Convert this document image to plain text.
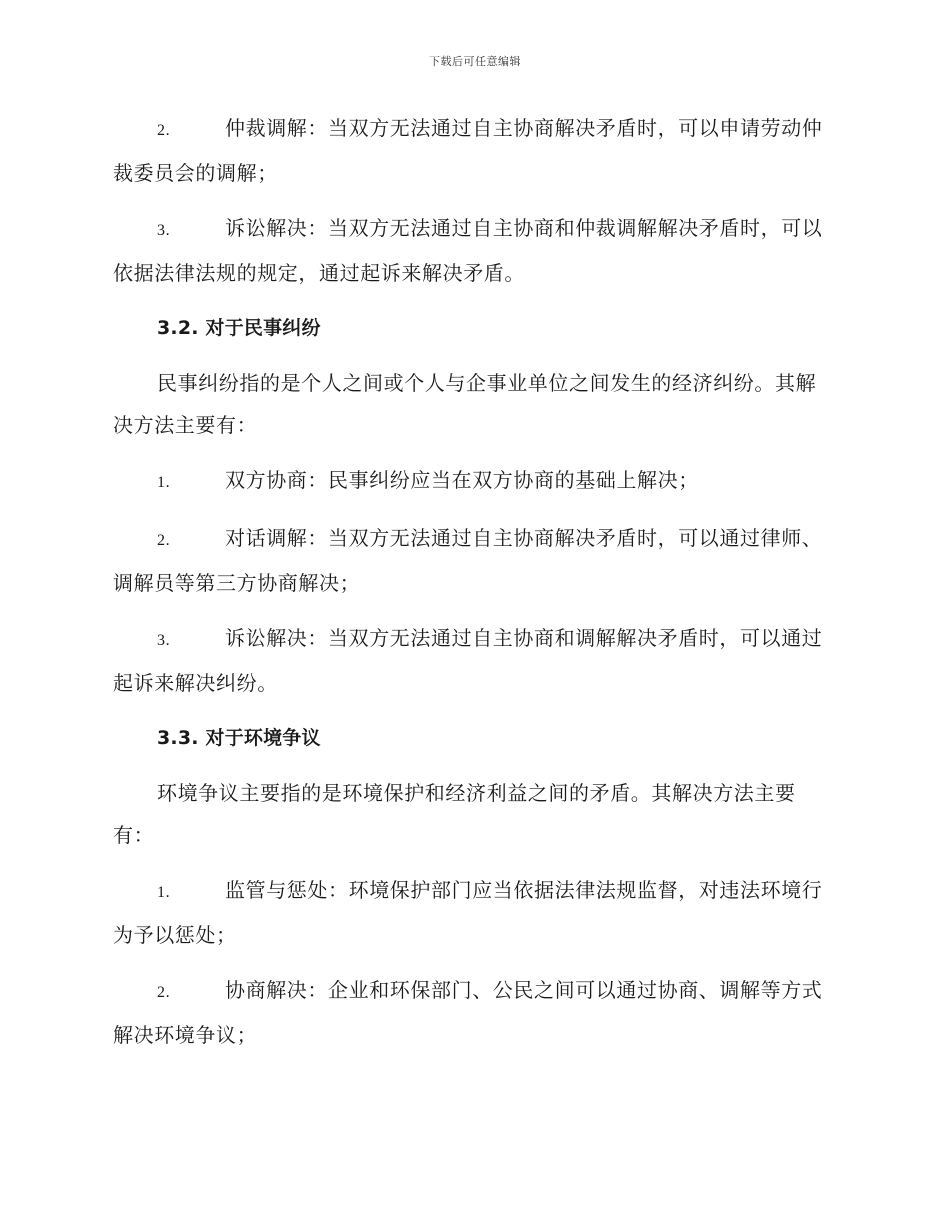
下载后可任意编辑

2.	仲裁调解：当双方无法通过自主协商解决矛盾时，可以申请劳动仲裁委员会的调解；

3.	诉讼解决：当双方无法通过自主协商和仲裁调解解决矛盾时，可以依据法律法规的规定，通过起诉来解决矛盾。

3.2. 对于民事纠纷

民事纠纷指的是个人之间或个人与企事业单位之间发生的经济纠纷。其解决方法主要有：

1.	双方协商：民事纠纷应当在双方协商的基础上解决；

2.	对话调解：当双方无法通过自主协商解决矛盾时，可以通过律师、调解员等第三方协商解决；

3.	诉讼解决：当双方无法通过自主协商和调解解决矛盾时，可以通过起诉来解决纠纷。

3.3. 对于环境争议

环境争议主要指的是环境保护和经济利益之间的矛盾。其解决方法主要有：

1.	监管与惩处：环境保护部门应当依据法律法规监督，对违法环境行为予以惩处；

2.	协商解决：企业和环保部门、公民之间可以通过协商、调解等方式解决环境争议；
